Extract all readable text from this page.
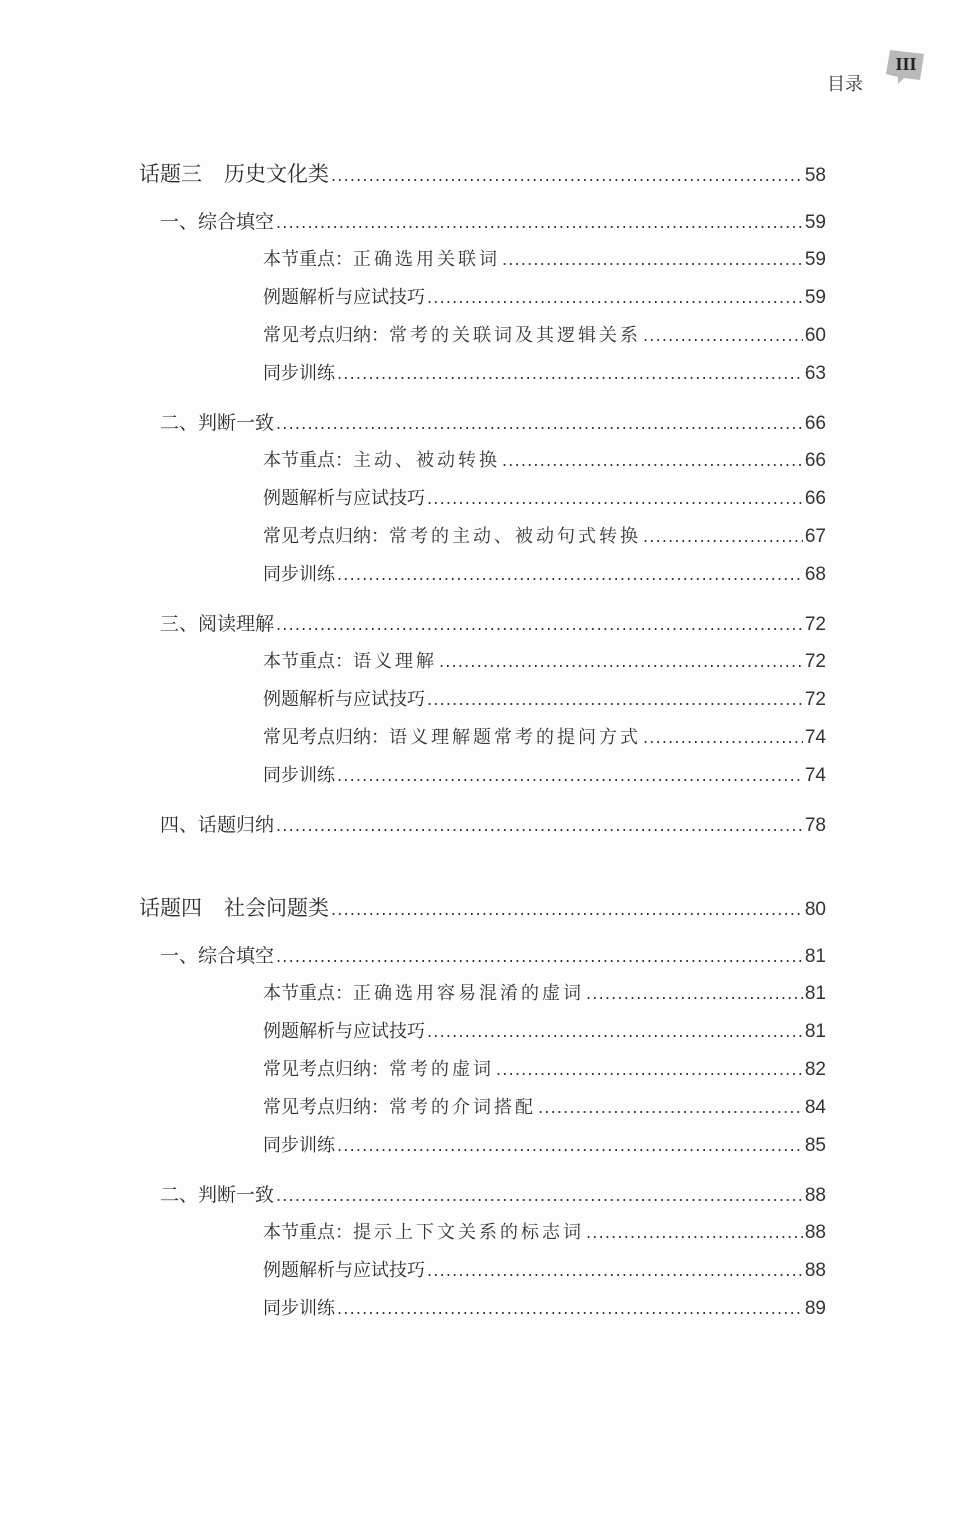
目录
III
话题三 历史文化类 .....	58
一、综合填空 .....	59
本节重点：正确选用关联词 .....	59
例题解析与应试技巧 .....	59
常见考点归纳：常考的关联词及其逻辑关系 .....	60
同步训练 .....	63
二、判断一致 .....	66
本节重点：主动、被动转换 .....	66
例题解析与应试技巧 .....	66
常见考点归纳：常考的主动、被动句式转换 .....	67
同步训练 .....	68
三、阅读理解 .....	72
本节重点：语义理解 .....	72
例题解析与应试技巧 .....	72
常见考点归纳：语义理解题常考的提问方式 .....	74
同步训练 .....	74
四、话题归纳 .....	78
话题四 社会问题类 .....	80
一、综合填空 .....	81
本节重点：正确选用容易混淆的虚词 .....	81
例题解析与应试技巧 .....	81
常见考点归纳：常考的虚词 .....	82
常见考点归纳：常考的介词搭配 .....	84
同步训练 .....	85
二、判断一致 .....	88
本节重点：提示上下文关系的标志词 .....	88
例题解析与应试技巧 .....	88
同步训练 .....	89
